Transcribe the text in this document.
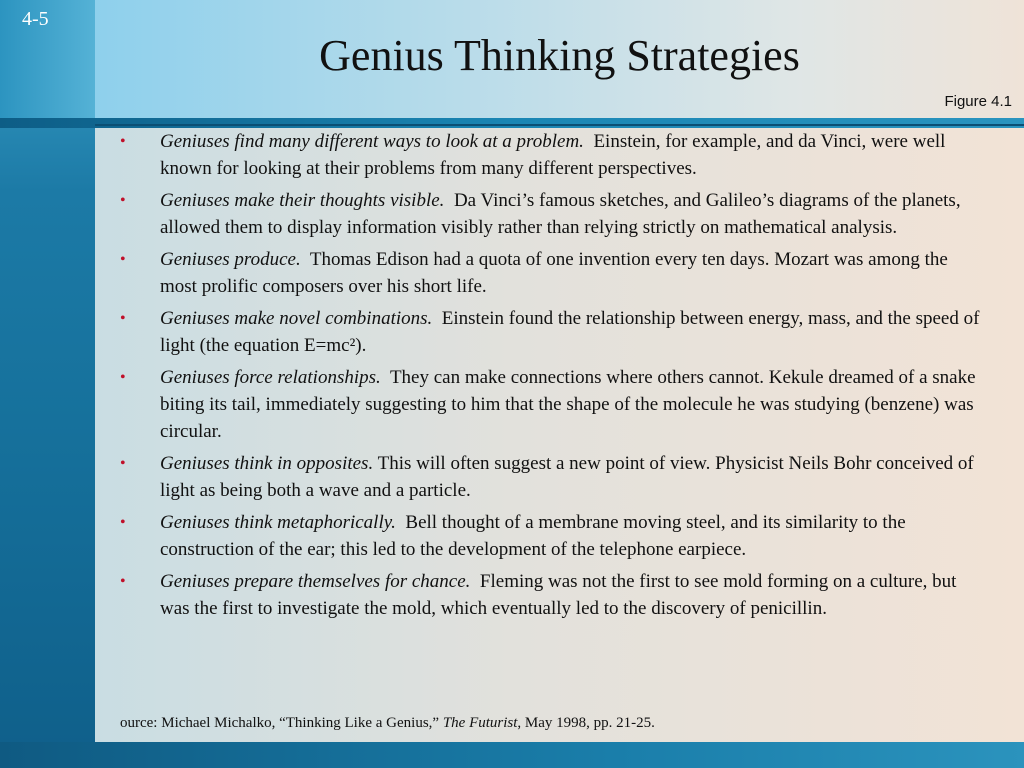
4-5
Genius Thinking Strategies
Figure 4.1
• Geniuses find many different ways to look at a problem. Einstein, for example, and da Vinci, were well known for looking at their problems from many different perspectives.
• Geniuses make their thoughts visible. Da Vinci’s famous sketches, and Galileo’s diagrams of the planets, allowed them to display information visibly rather than relying strictly on mathematical analysis.
• Geniuses produce. Thomas Edison had a quota of one invention every ten days. Mozart was among the most prolific composers over his short life.
• Geniuses make novel combinations. Einstein found the relationship between energy, mass, and the speed of light (the equation E=mc²).
• Geniuses force relationships. They can make connections where others cannot. Kekule dreamed of a snake biting its tail, immediately suggesting to him that the shape of the molecule he was studying (benzene) was circular.
• Geniuses think in opposites. This will often suggest a new point of view. Physicist Neils Bohr conceived of light as being both a wave and a particle.
• Geniuses think metaphorically. Bell thought of a membrane moving steel, and its similarity to the construction of the ear; this led to the development of the telephone earpiece.
• Geniuses prepare themselves for chance. Fleming was not the first to see mold forming on a culture, but was the first to investigate the mold, which eventually led to the discovery of penicillin.
ource: Michael Michalko, “Thinking Like a Genius,” The Futurist, May 1998, pp. 21-25.
